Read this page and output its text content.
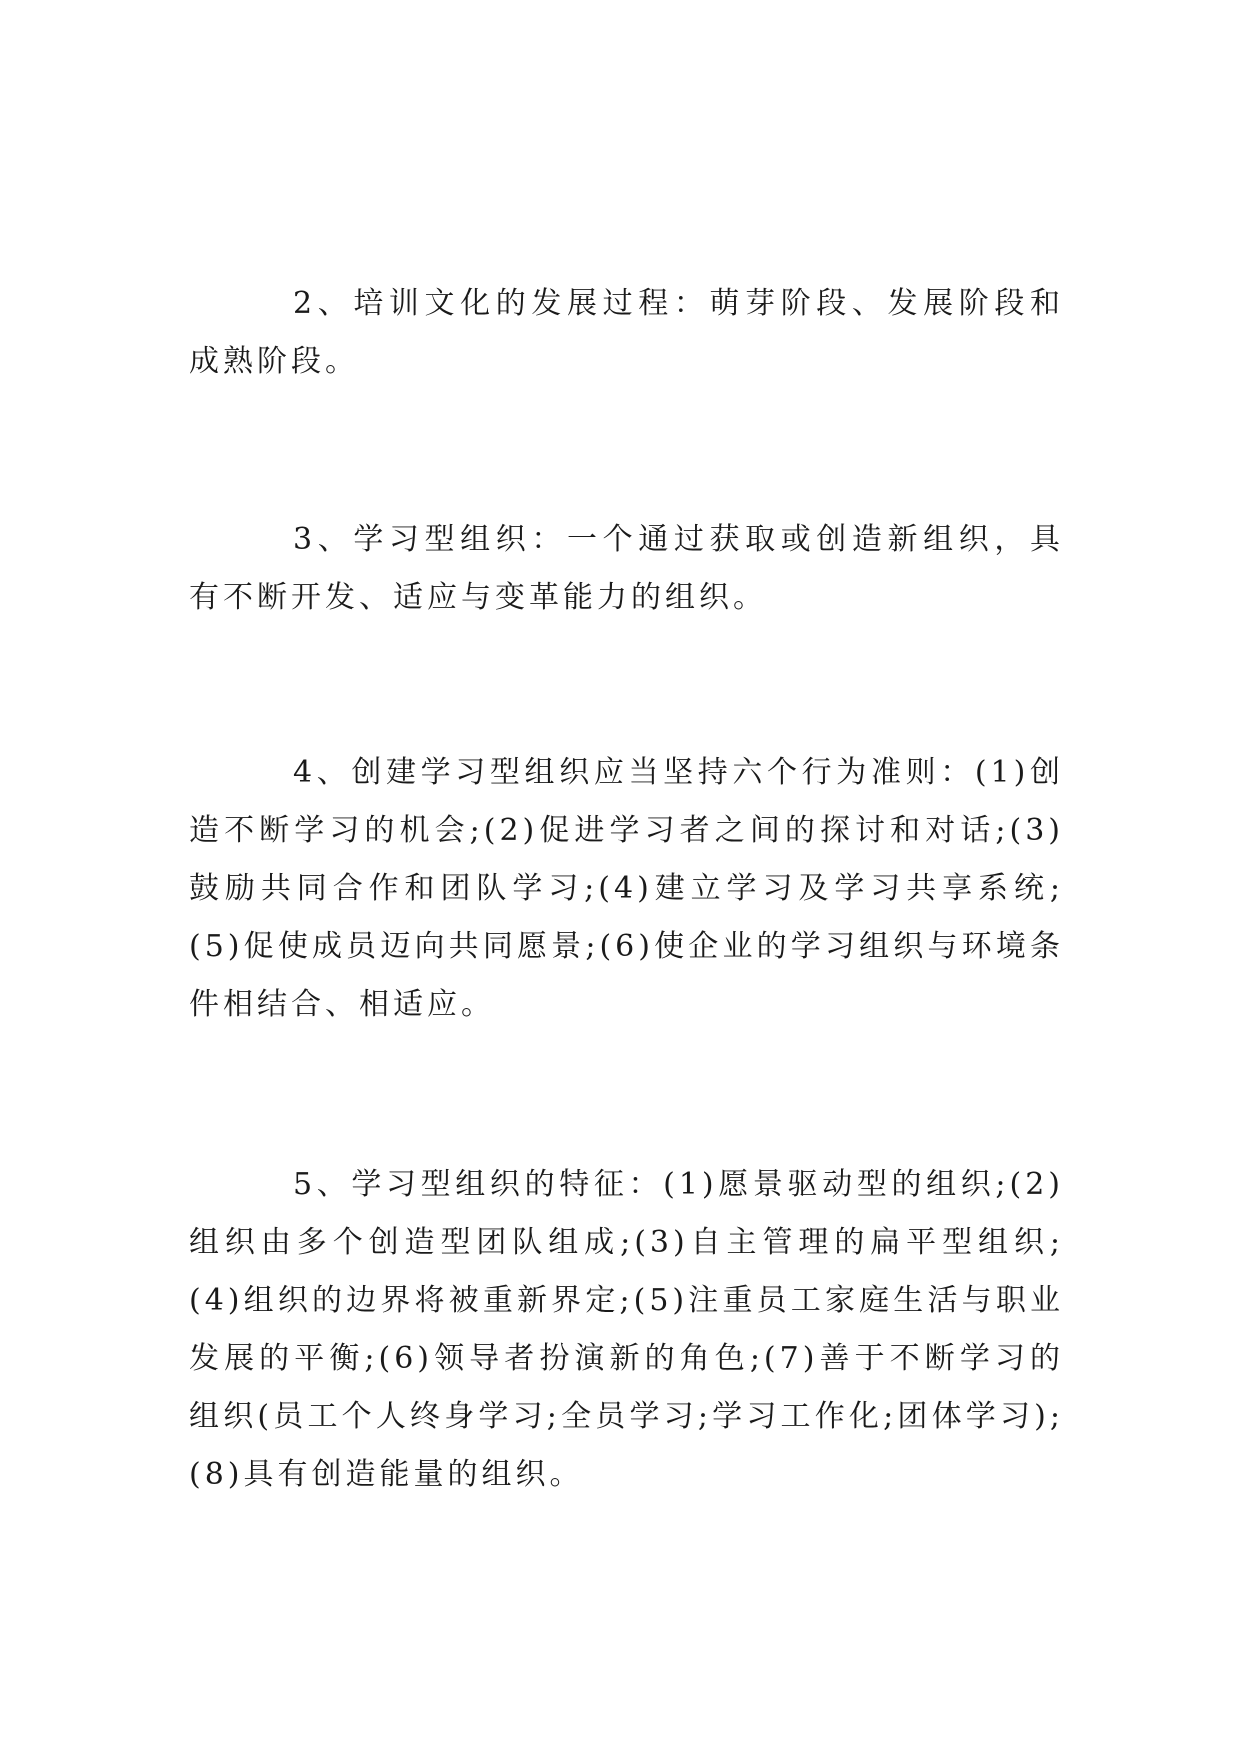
2、培训文化的发展过程：萌芽阶段、发展阶段和成熟阶段。

3、学习型组织：一个通过获取或创造新组织，具有不断开发、适应与变革能力的组织。

4、创建学习型组织应当坚持六个行为准则：(1)创造不断学习的机会;(2)促进学习者之间的探讨和对话;(3)鼓励共同合作和团队学习;(4)建立学习及学习共享系统;(5)促使成员迈向共同愿景;(6)使企业的学习组织与环境条件相结合、相适应。

5、学习型组织的特征：(1)愿景驱动型的组织;(2)组织由多个创造型团队组成;(3)自主管理的扁平型组织;(4)组织的边界将被重新界定;(5)注重员工家庭生活与职业发展的平衡;(6)领导者扮演新的角色;(7)善于不断学习的组织(员工个人终身学习;全员学习;学习工作化;团体学习);(8)具有创造能量的组织。
